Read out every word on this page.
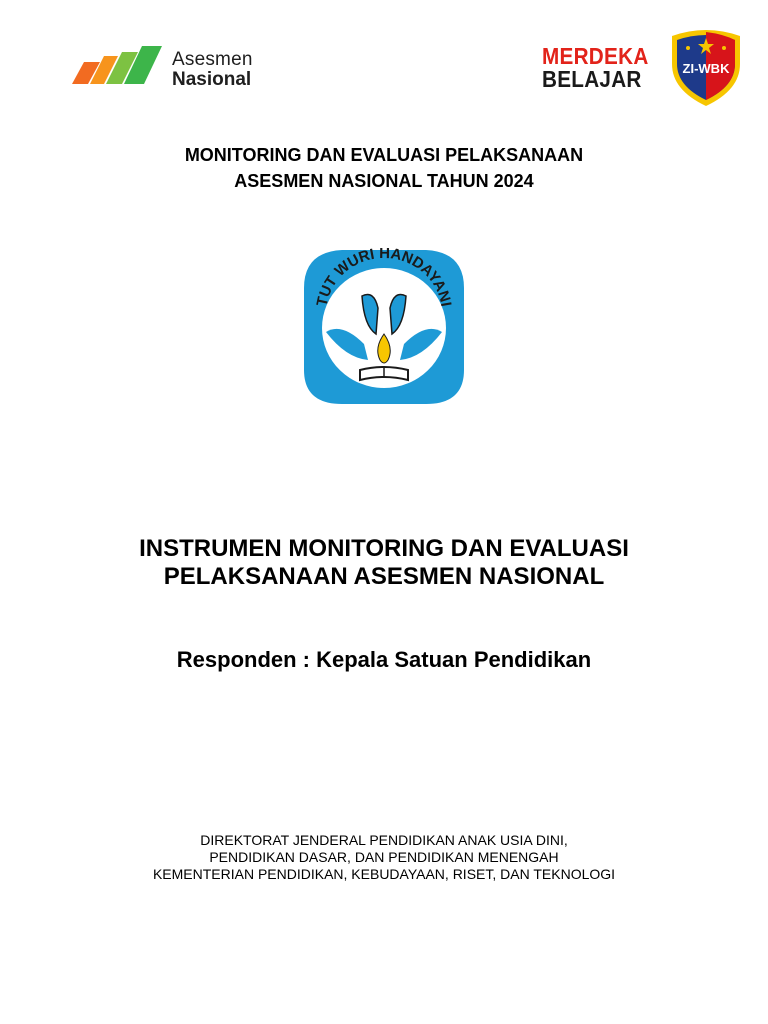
Asesmen
Nasional
MERDEKA
BELAJAR	ZI-WBK
MONITORING DAN EVALUASI PELAKSANAAN
ASESMEN NASIONAL TAHUN 2024
TUT WURI HANDAYANI
INSTRUMEN MONITORING DAN EVALUASI
PELAKSANAAN ASESMEN NASIONAL
Responden : Kepala Satuan Pendidikan
DIREKTORAT JENDERAL PENDIDIKAN ANAK USIA DINI,
PENDIDIKAN DASAR, DAN PENDIDIKAN MENENGAH
KEMENTERIAN PENDIDIKAN, KEBUDAYAAN, RISET, DAN TEKNOLOGI
